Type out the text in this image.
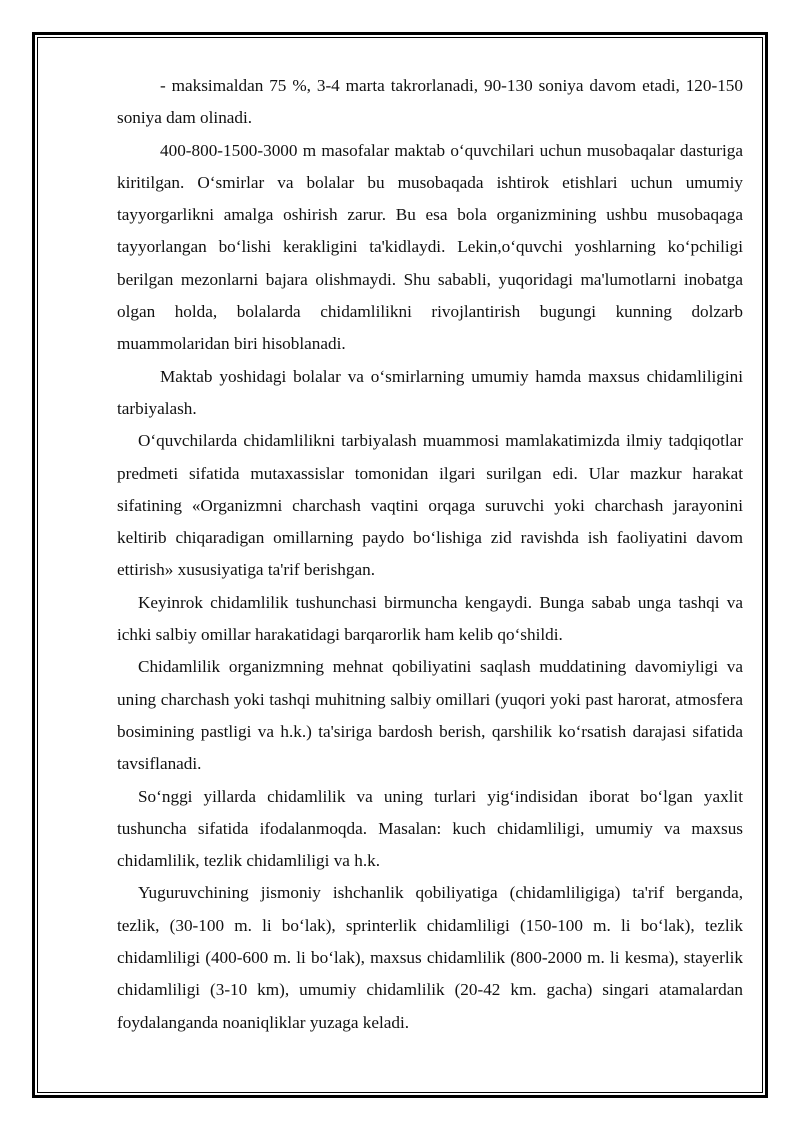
- maksimaldan 75 %, 3-4 marta takrorlanadi, 90-130 soniya davom etadi, 120-150 soniya dam olinadi.

400-800-1500-3000 m masofalar maktab o‘quvchilari uchun musobaqalar dasturiga kiritilgan. O‘smirlar va bolalar bu musobaqada ishtirok etishlari uchun umumiy tayyorgarlikni amalga oshirish zarur. Bu esa bola organizmining ushbu musobaqaga tayyorlangan bo‘lishi kerakligini ta'kidlaydi. Lekin,o‘quvchi yoshlarning ko‘pchiligi berilgan mezonlarni bajara olishmaydi. Shu sababli, yuqoridagi ma'lumotlarni inobatga olgan holda, bolalarda chidamlilikni rivojlantirish bugungi kunning dolzarb muammolaridan biri hisoblanadi.

Maktab yoshidagi bolalar va o‘smirlarning umumiy hamda maxsus chidamliligini tarbiyalash.

O‘quvchilarda chidamlilikni tarbiyalash muammosi mamlakatimizda ilmiy tadqiqotlar predmeti sifatida mutaxassislar tomonidan ilgari surilgan edi. Ular mazkur harakat sifatining «Organizmni charchash vaqtini orqaga suruvchi yoki charchash jarayonini keltirib chiqaradigan omillarning paydo bo‘lishiga zid ravishda ish faoliyatini davom ettirish» xususiyatiga ta'rif berishgan.

Keyinrok chidamlilik tushunchasi birmuncha kengaydi. Bunga sabab unga tashqi va ichki salbiy omillar harakatidagi barqarorlik ham kelib qo‘shildi.

Chidamlilik organizmning mehnat qobiliyatini saqlash muddatining davomiyligi va uning charchash yoki tashqi muhitning salbiy omillari (yuqori yoki past harorat, atmosfera bosimining pastligi va h.k.) ta'siriga bardosh berish, qarshilik ko‘rsatish darajasi sifatida tavsiflanadi.

So‘nggi yillarda chidamlilik va uning turlari yig‘indisidan iborat bo‘lgan yaxlit tushuncha sifatida ifodalanmoqda. Masalan: kuch chidamliligi, umumiy va maxsus chidamlilik, tezlik chidamliligi va h.k.

Yuguruvchining jismoniy ishchanlik qobiliyatiga (chidamliligiga) ta'rif berganda, tezlik, (30-100 m. li bo‘lak), sprinterlik chidamliligi (150-100 m. li bo‘lak), tezlik chidamliligi (400-600 m. li bo‘lak), maxsus chidamlilik (800-2000 m. li kesma), stayerlik chidamliligi (3-10 km), umumiy chidamlilik (20-42 km. gacha) singari atamalardan foydalanganda noaniqliklar yuzaga keladi.
